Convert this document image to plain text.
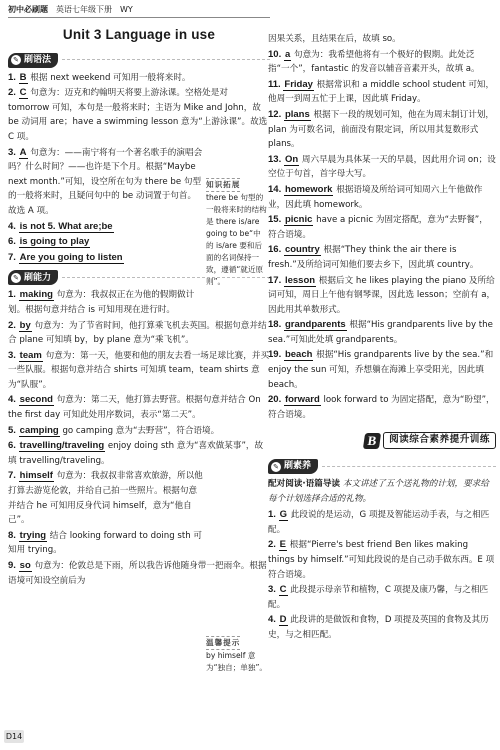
初中必刷题 英语七年级下册 WY
Unit 3 Language in use
✎ 刷语法
1. B 根据 next weekend 可知用一般将来时。
2. C 句意为：迈克和约翰明天将要上游泳课。空格处是对 tomorrow 可知，本句是一般将来时；主语为 Mike and John，故 be 动词用 are；have a swimming lesson 意为“上游泳课”。故选 C 项。
3. A 句意为：——南宁将有一个著名歌手的演唱会吗？什么时间？——也许是下个月。根据“Maybe next month.”可知，设空所在句为 there be 句型的一般将来时，且疑问句中的 be 动词置于句首。故选 A 项。
4. is not 5. What are;be
6. is going to play
7. Are you going to listen
✎ 刷能力
1. making 句意为：我叔叔正在为他的假期做计划。根据句意并结合 is 可知用现在进行时。
2. by 句意为：为了节省时间，他打算乘飞机去英国。根据句意并结合 plane 可知填 by，by plane 意为“乘飞机”。
3. team 句意为：第一天，他要和他的朋友去看一场足球比赛，并买一些队服。根据句意并结合 shirts 可知填 team，team shirts 意为“队服”。
4. second 句意为：第二天，他打算去野营。根据句意并结合 On the first day 可知此处用序数词，表示“第二天”。
5. camping go camping 意为“去野营”，符合语境。
6. travelling/traveling enjoy doing sth 意为“喜欢做某事”，故填 travelling/traveling。
7. himself 句意为：我叔叔非常喜欢旅游，所以他打算去游览伦敦，并给自己拍一些照片。根据句意并结合 he 可知用反身代词 himself，意为“他自己”。
8. trying 结合 looking forward to doing sth 可知用 trying。
9. so 句意为：伦敦总是下雨，所以我告诉他随身带一把雨伞。根据语境可知设空前后为
知识拓展
there be 句型的一般将来时的结构是 there is/are going to be“中的 is/are 要和后面的名词保持一致，遵循“就近原则”。
温馨提示
by himself 意为“独自；单独”。
因果关系，且结果在后，故填 so。
10. a 句意为：我希望他将有一个极好的假期。此处泛指“一个”，fantastic 的发音以辅音音素开头，故填 a。
11. Friday 根据常识和 a middle school student 可知，他周一到周五忙于上课，因此填 Friday。
12. plans 根据下一段的规划可知，他在为周末制订计划，plan 为可数名词，前面没有限定词，所以用其复数形式 plans。
13. On 周六早晨为具体某一天的早晨，因此用介词 on；设空位于句首，首字母大写。
14. homework 根据语境及所给词可知周六上午他做作业，因此填 homework。
15. picnic have a picnic 为固定搭配，意为“去野餐”，符合语境。
16. country 根据“They think the air there is fresh.”及所给词可知他们要去乡下，因此填 country。
17. lesson 根据后文 he likes playing the piano 及所给词可知，周日上午他有钢琴课，因此选 lesson；空前有 a，因此用其单数形式。
18. grandparents 根据“His grandparents live by the sea.”可知此处填 grandparents。
19. beach 根据“His grandparents live by the sea.”和 enjoy the sun 可知，乔想躺在海滩上享受阳光，因此填 beach。
20. forward look forward to 为固定搭配，意为“盼望”，符合语境。
B	阅读综合素养提升训练
✎ 刷素养
配对阅读·语篇导读 本文讲述了五个送礼物的计划，要求给每个计划选择合适的礼物。
1. G 此段说的是运动，G 项提及智能运动手表，与之相匹配。
2. E 根据“Pierre's best friend Ben likes making things by himself.”可知此段说的是自己动手做东西。E 项符合语境。
3. C 此段提示母亲节和植物，C 项提及康乃馨，与之相匹配。
4. D 此段讲的是做饭和食物，D 项提及英国的食物及其历史，与之相匹配。
D14
